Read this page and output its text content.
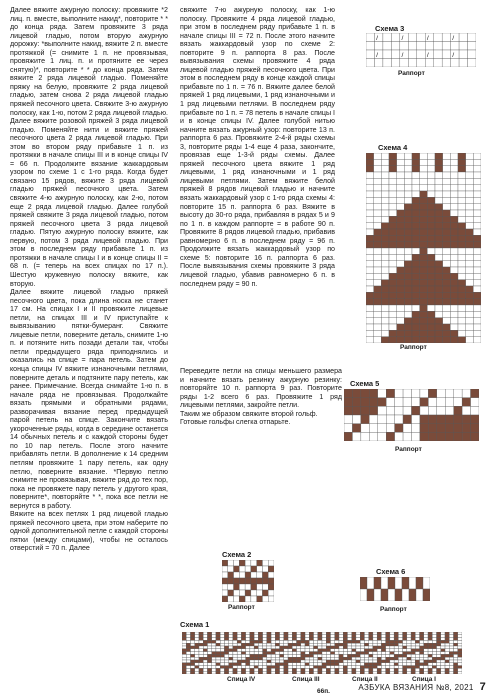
Далее вяжите ажурную полоску: провяжите *2 лиц. п. вместе, выполните накид*, повторите * * до конца ряда. Затем провяжите 3 ряда лицевой гладью, потом вторую ажурную дорожку: *выполните накид, вяжите 2 п. вместе протяжкой (= снимите 1 п. не провязывая, провяжите 1 лиц. п. и протяните ее через снятую)*, повторите * * до конца ряда. Затем вяжите 2 ряда лицевой гладью. Поменяйте пряжу на белую, провяжите 2 ряда лицевой гладью, затем снова 2 ряда лицевой гладью пряжей песочного цвета. Свяжите 3-ю ажурную полоску, как 1-ю, потом 2 ряда лицевой гладью. Далее вяжите розовой пряжей 3 ряда лицевой гладью. Поменяйте нити и вяжите пряжей песочного цвета 2 ряда лицевой гладью. При этом во втором ряду прибавьте 1 п. из протяжки в начале спицы III и в конце спицы IV = 66 п. Продолжите вязание жаккардовым узором по схеме 1 с 1-го ряда. Когда будет связано 15 рядов, вяжите 3 ряда лицевой гладью пряжей песочного цвета. Затем свяжите 4-ю ажурную полоску, как 2-ю, потом еще 2 ряда лицевой гладью. Далее голубой пряжей свяжите 3 ряда лицевой гладью, потом пряжей песочного цвета 3 ряда лицевой гладью. Пятую ажурную полоску вяжите, как первую, потом 3 ряда лицевой гладью. При этом в последнем ряду прибавьте 1 п. из протяжки в начале спицы I и в конце спицы II = 68 п. (= теперь на всех спицах по 17 п.). Шестую кружевную полоску вяжите, как вторую.

Далее вяжите лицевой гладью пряжей песочного цвета, пока длина носка не станет 17 см. На спицах I и II провяжите лицевые петли, на спицах III и IV приступайте к вывязыванию пятки-бумеранг. Свяжите лицевые петли, поверните деталь, снимите 1-ю п. и потяните нить позади детали так, чтобы петли предыдущего ряда приподнялись и оказались на спице = пара петель. Затем до конца спицы IV вяжите изнаночными петлями, поверните деталь и подтяните пару петель, как ранее. Примечание. Всегда снимайте 1-ю п. в начале ряда не провязывая. Продолжайте вязать прямыми и обратными рядами, разворачивая вязание перед предыдущей парой петель на спице. Закончите вязать укороченные ряды, когда в середине останется 14 обычных петель и с каждой стороны будет по 10 пар петель. После этого начните прибавлять петли. В дополнение к 14 средним петлям провяжите 1 пару петель, как одну петлю, поверните вязание. *Первую петлю снимите не провязывая, вяжите ряд до тех пор, пока не провяжете пару петель у другого края, поверните*, повторяйте * *, пока все петли не вернутся в работу.

Вяжите на всех петлях 1 ряд лицевой гладью пряжей песочного цвета, при этом наберите по одной дополнительной петле с каждой стороны пятки (между спицами), чтобы не осталось отверстий = 70 п. Далее

свяжите 7-ю ажурную полоску, как 1-ю полоску. Провяжите 4 ряда лицевой гладью, при этом в последнем ряду прибавьте 1 п. в начале спицы III = 72 п. После этого начните вязать жаккардовый узор по схеме 2: повторите 9 п. раппорта 8 раз. После вывязывания схемы провяжите 4 ряда лицевой гладью пряжей песочного цвета. При этом в последнем ряду в конце каждой спицы прибавьте по 1 п. = 76 п. Вяжите далее белой пряжей 1 ряд лицевыми, 1 ряд изнаночными и 1 ряд лицевыми петлями. В последнем ряду прибавьте по 1 п. = 78 петель в начале спицы I и в конце спицы IV. Далее голубой нитью начните вязать ажурный узор: повторите 13 п. раппорта 6 раз. Провяжите 2-4-й ряды схемы 3, повторите ряды 1-4 еще 4 раза, закончите, провязав еще 1-3-й ряды схемы. Далее пряжей песочного цвета вяжите 1 ряд лицевыми, 1 ряд изнаночными и 1 ряд лицевыми петлями. Затем вяжите белой пряжей 8 рядов лицевой гладью и начните вязать жаккардовый узор с 1-го ряда схемы 4: повторите 15 п. раппорта 6 раз. Вяжите в высоту до 30-го ряда, прибавляя в рядах 5 и 9 по 1 п. в каждом раппорте = в работе 90 п. Провяжите 8 рядов лицевой гладью, прибавив равномерно 6 п. в последнем ряду = 96 п. Продолжите вязать жаккардовый узор по схеме 5: повторите 16 п. раппорта 6 раз. После вывязывания схемы провяжите 3 ряда лицевой гладью, убавив равномерно 6 п. в последнем ряду = 90 п.

Переведите петли на спицы меньшего размера и начните вязать резинку ажурную резинку: повторяйте 10 п. раппорта 9 раз. Повторите ряды 1-2 всего 6 раз. Провяжите 1 ряд лицевыми петлями, закройте петли.

Таким же образом свяжите второй гольф.

Готовые гольфы слегка отпарьте.

Схема 3
/	/	/	/
/	/	/	/
Раппорт
Схема 4
Раппорт
Схема 5
Раппорт
Схема 2
Раппорт
Схема 6
Раппорт
Схема 1
Спица IV	Спица III	Спица II	Спица I
66п.	АЗБУКА ВЯЗАНИЯ №8, 2021 7
